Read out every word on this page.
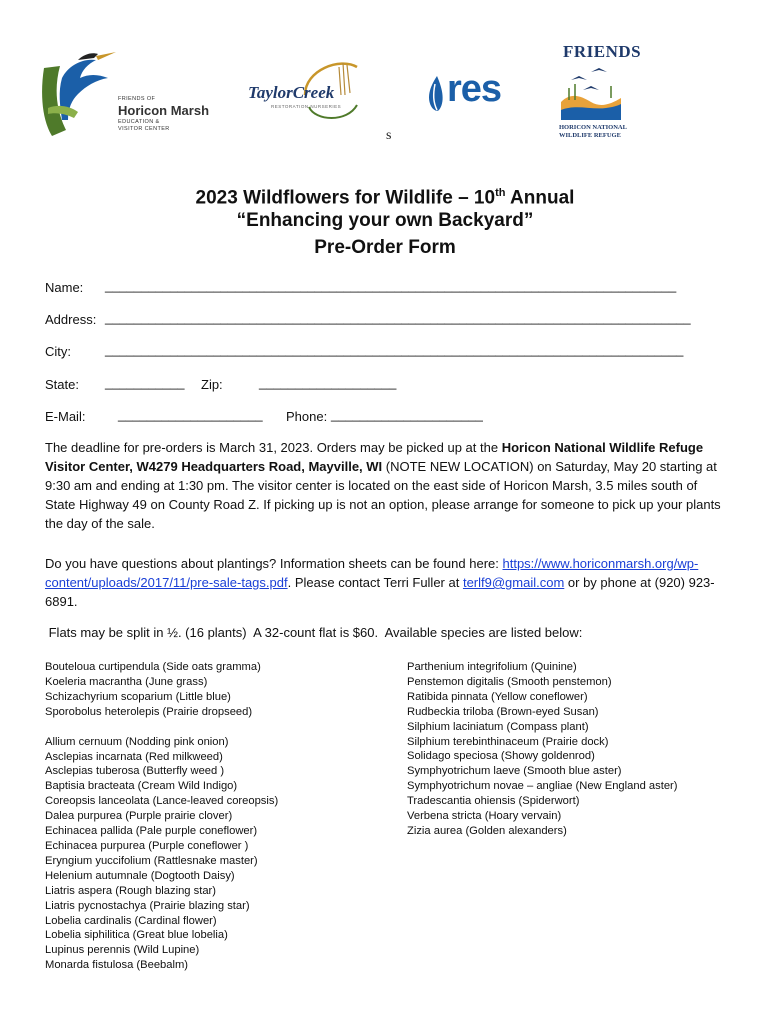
FRIENDS OF
Horicon Marsh
EDUCATION &
VISITOR CENTER
TaylorCreek
RESTORATION NURSERIES
s
res
FRIENDS
HORICON NATIONAL
WILDLIFE REFUGE
2023 Wildflowers for Wildlife – 10th Annual
“Enhancing your own Backyard”
Pre-Order Form
Name: _______________________________________________________________________________
Address: _________________________________________________________________________________
City:	________________________________________________________________________________
State: ___________ Zip:	___________________
E-Mail:	____________________ Phone: _____________________
The deadline for pre-orders is March 31, 2023. Orders may be picked up at the Horicon National Wildlife Refuge Visitor Center, W4279 Headquarters Road, Mayville, WI (NOTE NEW LOCATION) on Saturday, May 20 starting at 9:30 am and ending at 1:30 pm. The visitor center is located on the east side of Horicon Marsh, 3.5 miles south of State Highway 49 on County Road Z. If picking up is not an option, please arrange for someone to pick up your plants the day of the sale.
Do you have questions about plantings? Information sheets can be found here: https://www.horiconmarsh.org/wp-content/uploads/2017/11/pre-sale-tags.pdf. Please contact Terri Fuller at terlf9@gmail.com or by phone at (920) 923-6891.
Flats may be split in ½. (16 plants)  A 32-count flat is $60.  Available species are listed below:
Bouteloua curtipendula (Side oats gramma)
Koeleria macrantha (June grass)
Schizachyrium scoparium (Little blue)
Sporobolus heterolepis (Prairie dropseed)
Allium cernuum (Nodding pink onion)
Asclepias incarnata (Red milkweed)
Asclepias tuberosa (Butterfly weed )
Baptisia bracteata (Cream Wild Indigo)
Coreopsis lanceolata (Lance-leaved coreopsis)
Dalea purpurea (Purple prairie clover)
Echinacea pallida (Pale purple coneflower)
Echinacea purpurea (Purple coneflower )
Eryngium yuccifolium (Rattlesnake master)
Helenium autumnale (Dogtooth Daisy)
Liatris aspera (Rough blazing star)
Liatris pycnostachya (Prairie blazing star)
Lobelia cardinalis (Cardinal flower)
Lobelia siphilitica (Great blue lobelia)
Lupinus perennis (Wild Lupine)
Monarda fistulosa (Beebalm)
Parthenium integrifolium (Quinine)
Penstemon digitalis (Smooth penstemon)
Ratibida pinnata (Yellow coneflower)
Rudbeckia triloba (Brown-eyed Susan)
Silphium laciniatum (Compass plant)
Silphium terebinthinaceum (Prairie dock)
Solidago speciosa (Showy goldenrod)
Symphyotrichum laeve (Smooth blue aster)
Symphyotrichum novae – angliae (New England aster)
Tradescantia ohiensis (Spiderwort)
Verbena stricta (Hoary vervain)
Zizia aurea (Golden alexanders)
